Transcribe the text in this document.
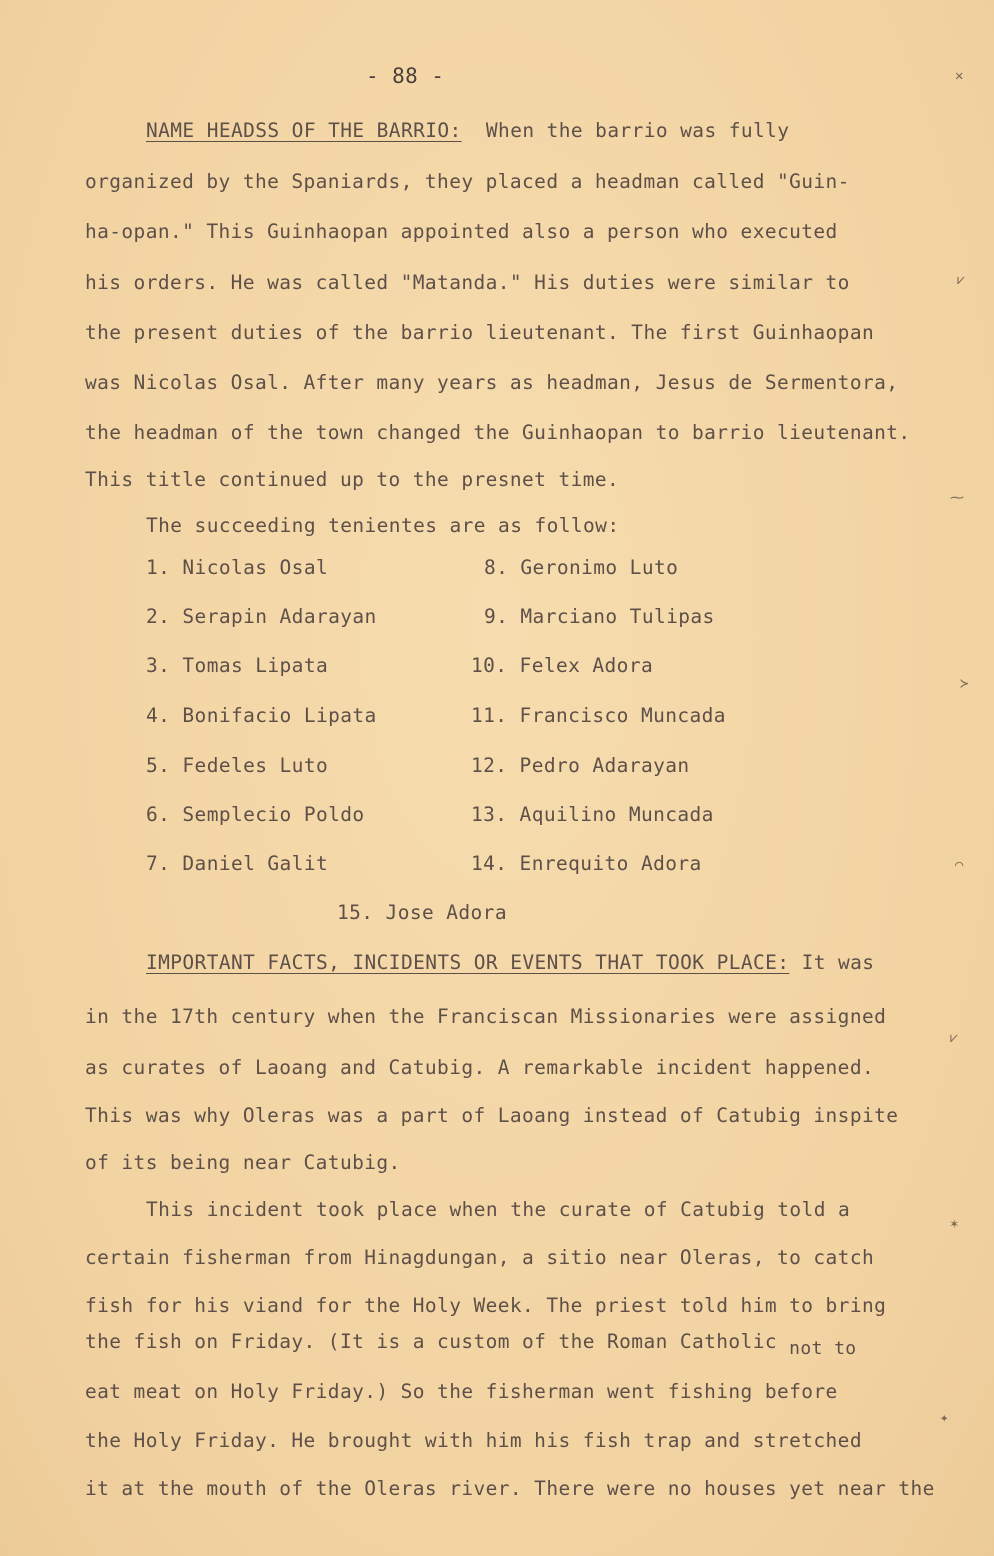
- 88 -
NAME HEADSS OF THE BARRIO: When the barrio was fully
organized by the Spaniards, they placed a headman called "Guin-
ha-opan." This Guinhaopan appointed also a person who executed
his orders. He was called "Matanda." His duties were similar to
the present duties of the barrio lieutenant. The first Guinhaopan
was Nicolas Osal. After many years as headman, Jesus de Sermentora,
the headman of the town changed the Guinhaopan to barrio lieutenant.
This title continued up to the presnet time.
The succeeding tenientes are as follow:
1. Nicolas Osal
2. Serapin Adarayan
3. Tomas Lipata
4. Bonifacio Lipata
5. Fedeles Luto
6. Semplecio Poldo
7. Daniel Galit
8. Geronimo Luto
9. Marciano Tulipas
10. Felex Adora
11. Francisco Muncada
12. Pedro Adarayan
13. Aquilino Muncada
14. Enrequito Adora
15. Jose Adora
IMPORTANT FACTS, INCIDENTS OR EVENTS THAT TOOK PLACE: It was
in the 17th century when the Franciscan Missionaries were assigned
as curates of Laoang and Catubig. A remarkable incident happened.
This was why Oleras was a part of Laoang instead of Catubig inspite
of its being near Catubig.
This incident took place when the curate of Catubig told a
certain fisherman from Hinagdungan, a sitio near Oleras, to catch
fish for his viand for the Holy Week. The priest told him to bring
the fish on Friday. (It is a custom of the Roman Catholic not to
eat meat on Holy Friday.) So the fisherman went fishing before
the Holy Friday. He brought with him his fish trap and stretched
it at the mouth of the Oleras river. There were no houses yet near the
✕
⩗
⁓
≻
⌒
⩗
✶
✦
